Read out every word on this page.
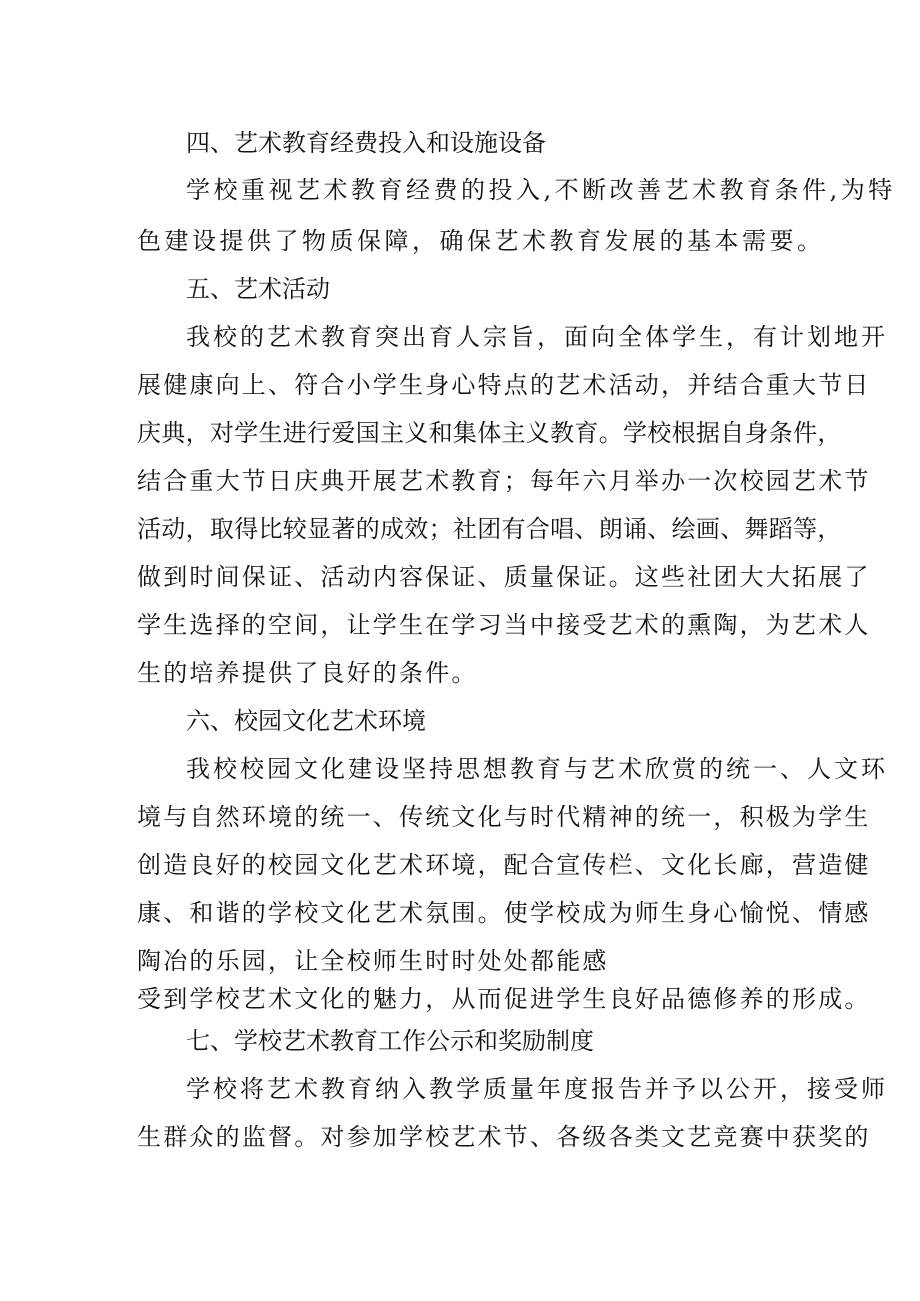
四、艺术教育经费投入和设施设备
学校重视艺术教育经费的投入,不断改善艺术教育条件,为特
色建设提供了物质保障，确保艺术教育发展的基本需要。
五、艺术活动
我校的艺术教育突出育人宗旨，面向全体学生，有计划地开
展健康向上、符合小学生身心特点的艺术活动，并结合重大节日
庆典，对学生进行爱国主义和集体主义教育。学校根据自身条件，
结合重大节日庆典开展艺术教育；每年六月举办一次校园艺术节
活动，取得比较显著的成效；社团有合唱、朗诵、绘画、舞蹈等，
做到时间保证、活动内容保证、质量保证。这些社团大大拓展了
学生选择的空间，让学生在学习当中接受艺术的熏陶，为艺术人
生的培养提供了良好的条件。
六、校园文化艺术环境
我校校园文化建设坚持思想教育与艺术欣赏的统一、人文环
境与自然环境的统一、传统文化与时代精神的统一，积极为学生
创造良好的校园文化艺术环境，配合宣传栏、文化长廊，营造健
康、和谐的学校文化艺术氛围。使学校成为师生身心愉悦、情感
陶冶的乐园，让全校师生时时处处都能感
受到学校艺术文化的魅力，从而促进学生良好品德修养的形成。
七、学校艺术教育工作公示和奖励制度
学校将艺术教育纳入教学质量年度报告并予以公开，接受师
生群众的监督。对参加学校艺术节、各级各类文艺竞赛中获奖的
